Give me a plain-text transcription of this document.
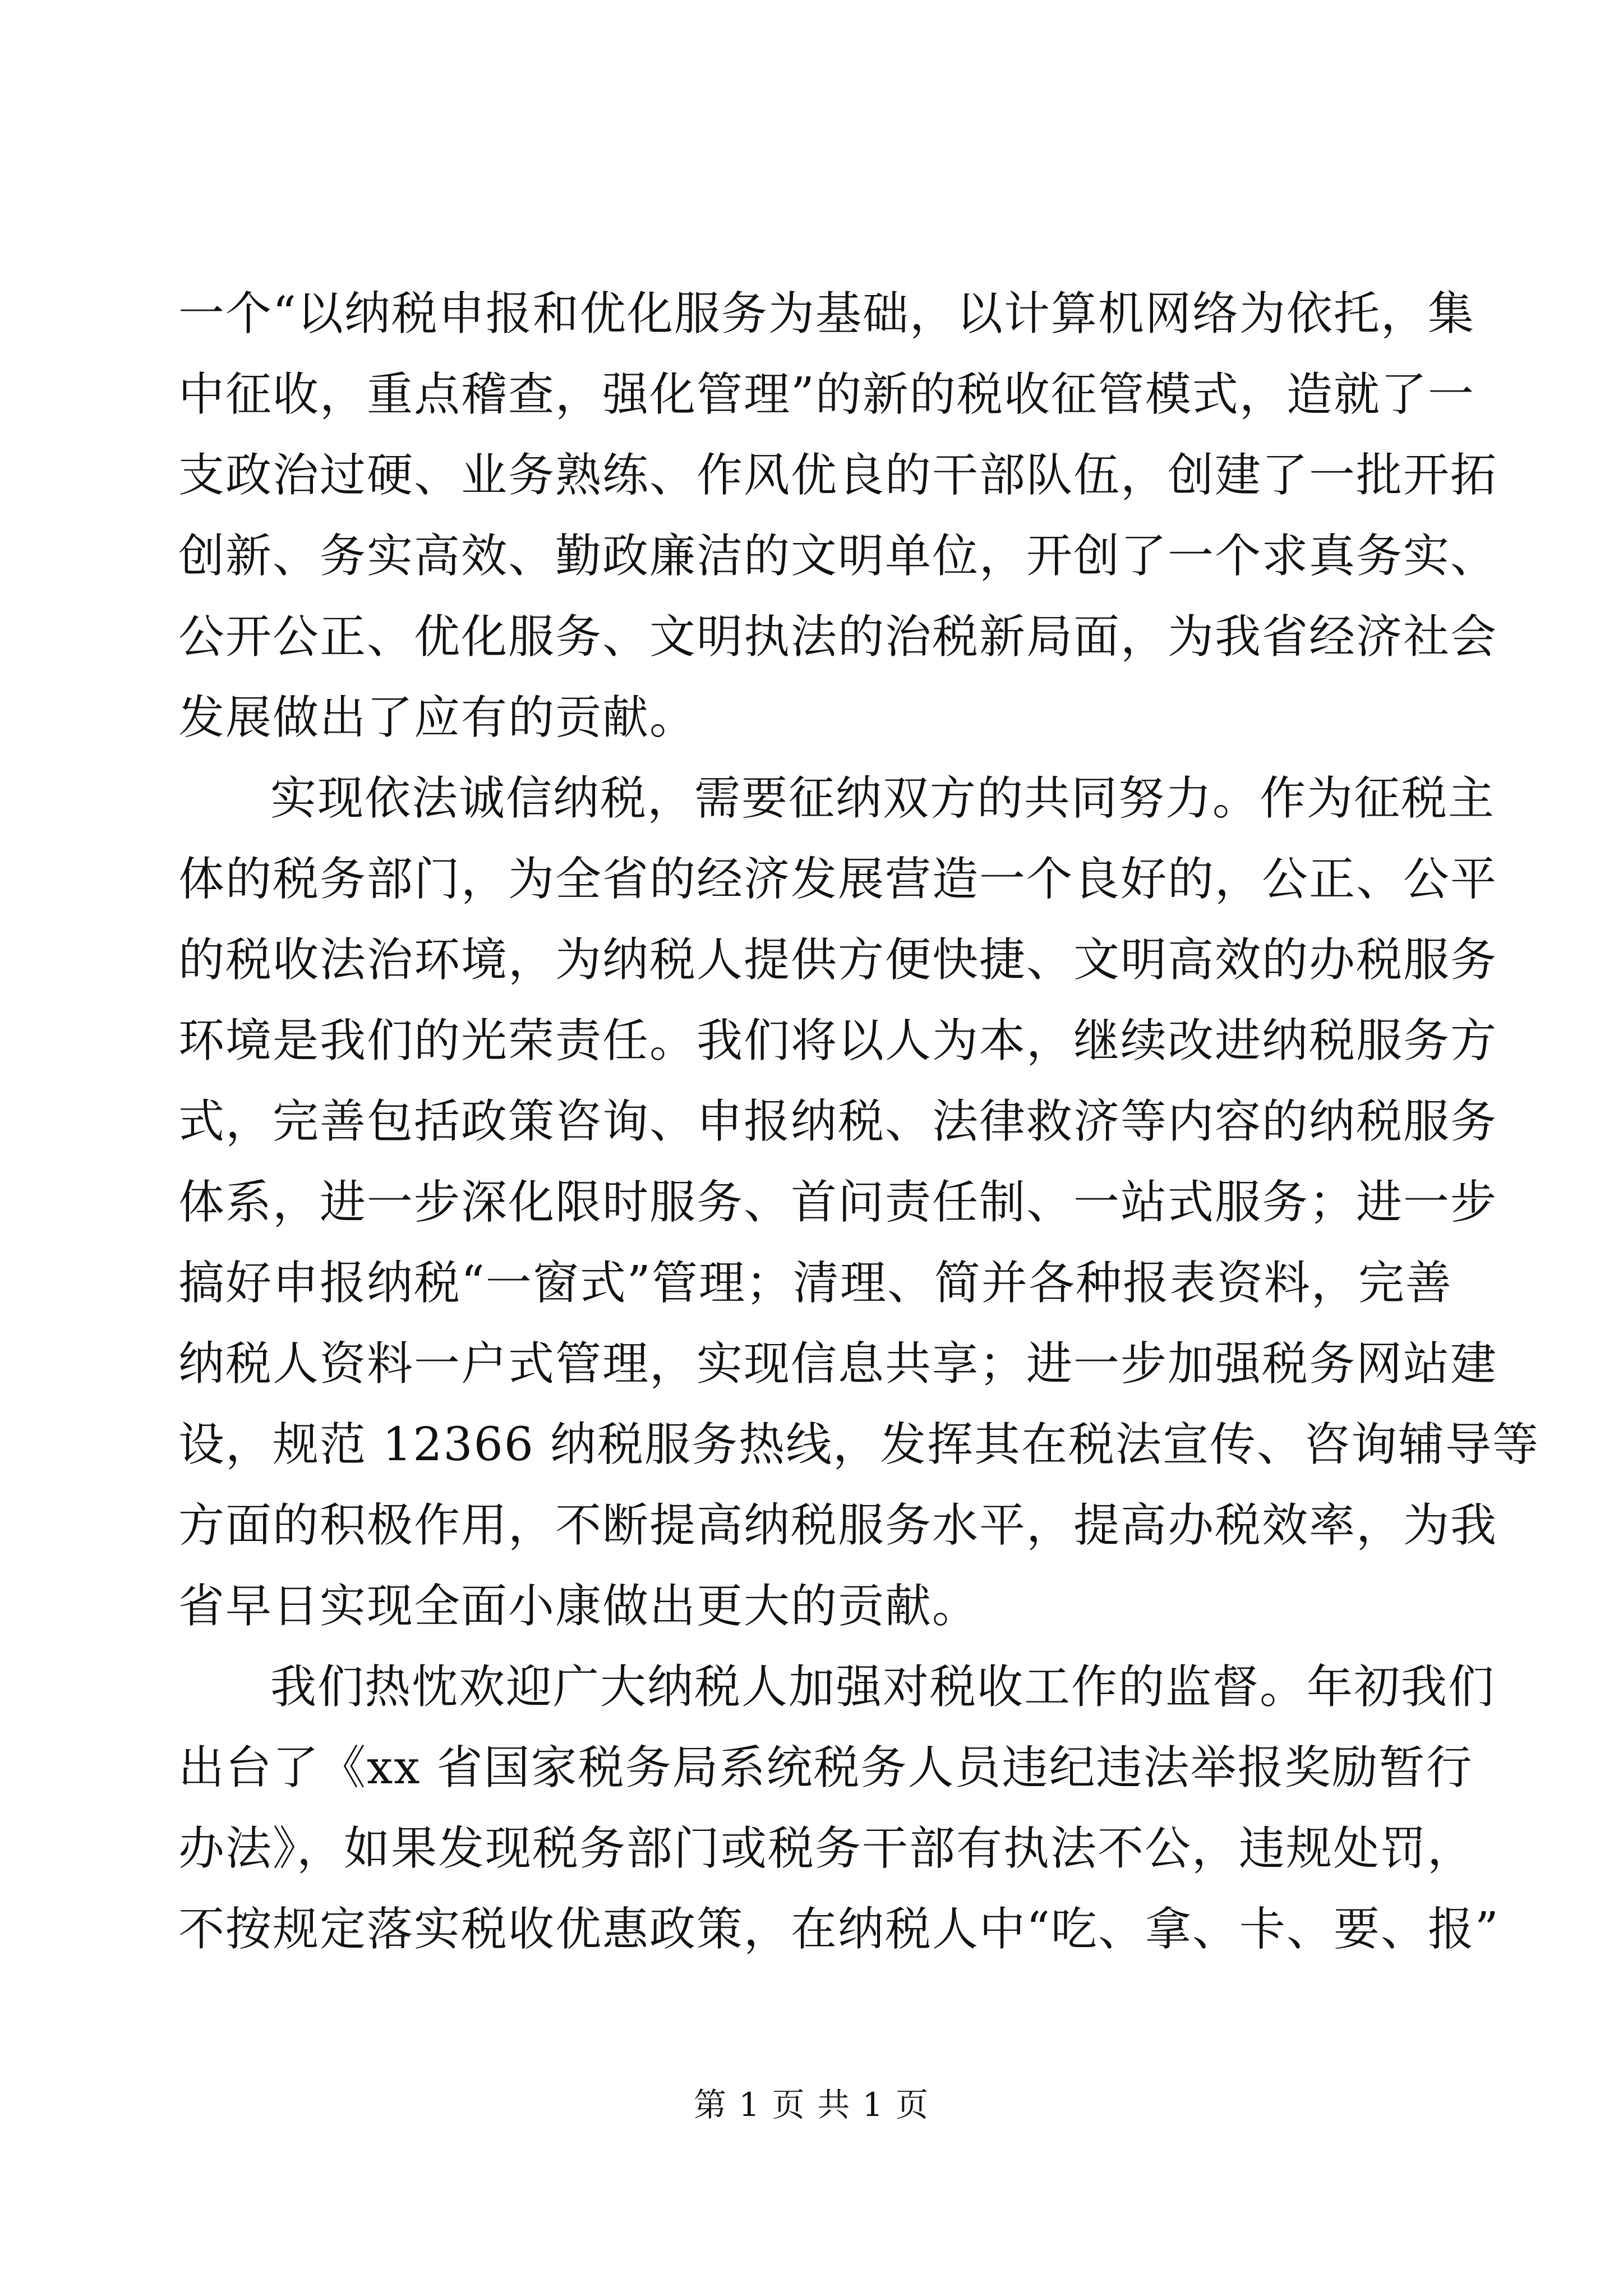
一个“以纳税申报和优化服务为基础，以计算机网络为依托，集
中征收，重点稽查，强化管理”的新的税收征管模式，造就了一
支政治过硬、业务熟练、作风优良的干部队伍，创建了一批开拓
创新、务实高效、勤政廉洁的文明单位，开创了一个求真务实、
公开公正、优化服务、文明执法的治税新局面，为我省经济社会
发展做出了应有的贡献。
实现依法诚信纳税，需要征纳双方的共同努力。作为征税主
体的税务部门，为全省的经济发展营造一个良好的，公正、公平
的税收法治环境，为纳税人提供方便快捷、文明高效的办税服务
环境是我们的光荣责任。我们将以人为本，继续改进纳税服务方
式，完善包括政策咨询、申报纳税、法律救济等内容的纳税服务
体系，进一步深化限时服务、首问责任制、一站式服务；进一步
搞好申报纳税“一窗式”管理；清理、简并各种报表资料，完善
纳税人资料一户式管理，实现信息共享；进一步加强税务网站建
设，规范 12366 纳税服务热线，发挥其在税法宣传、咨询辅导等
方面的积极作用，不断提高纳税服务水平，提高办税效率，为我
省早日实现全面小康做出更大的贡献。
我们热忱欢迎广大纳税人加强对税收工作的监督。年初我们
出台了《xx 省国家税务局系统税务人员违纪违法举报奖励暂行
办法》，如果发现税务部门或税务干部有执法不公，违规处罚，
不按规定落实税收优惠政策，在纳税人中“吃、拿、卡、要、报”
第 1 页 共 1 页
